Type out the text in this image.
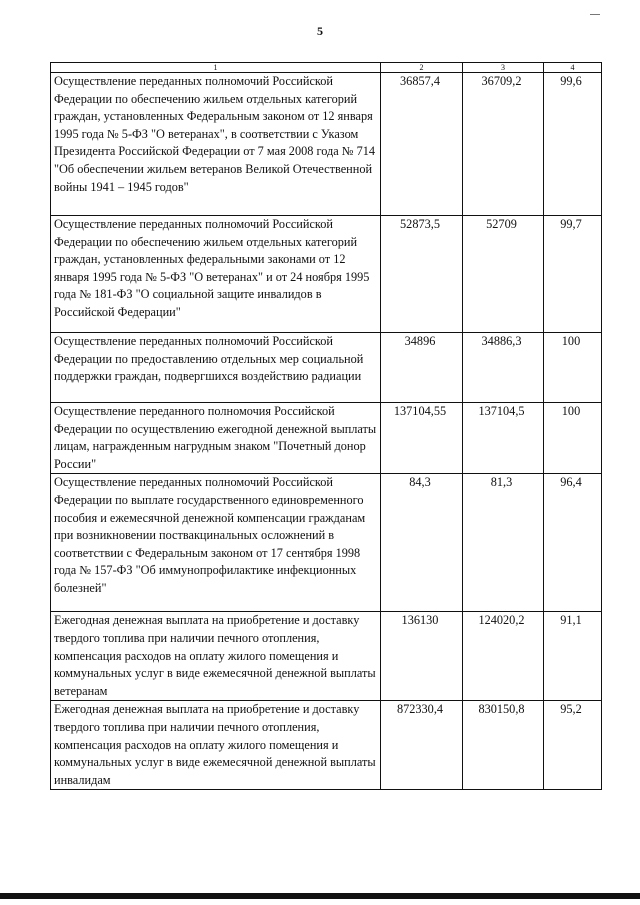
5
1	2	3	4
Осуществление переданных полномочий Российской Федерации по обеспечению жильем отдельных категорий граждан, установленных Федеральным законом от 12 января 1995 года № 5-ФЗ "О ветеранах", в соответствии с Указом Президента Российской Федерации от 7 мая 2008 года № 714 "Об обеспечении жильем ветеранов Великой Отечественной войны 1941 – 1945 годов"	36857,4	36709,2	99,6
Осуществление переданных полномочий Российской Федерации по обеспечению жильем отдельных категорий граждан, установленных федеральными законами от 12 января 1995 года № 5-ФЗ "О ветеранах" и от 24 ноября 1995 года № 181-ФЗ "О социальной защите инвалидов в Российской Федерации"	52873,5	52709	99,7
Осуществление переданных полномочий Российской Федерации по предоставлению отдельных мер социальной поддержки граждан, подвергшихся воздействию радиации	34896	34886,3	100
Осуществление переданного полномочия Российской Федерации по осуществлению ежегодной денежной выплаты лицам, награжденным нагрудным знаком "Почетный донор России"	137104,55	137104,5	100
Осуществление переданных полномочий Российской Федерации по выплате государственного единовременного пособия и ежемесячной денежной компенсации гражданам при возникновении поствакцинальных осложнений в соответствии с Федеральным законом от 17 сентября 1998 года № 157-ФЗ "Об иммунопрофилактике инфекционных болезней"	84,3	81,3	96,4
Ежегодная денежная выплата на приобретение и доставку твердого топлива при наличии печного отопления, компенсация расходов на оплату жилого помещения и коммунальных услуг в виде ежемесячной денежной выплаты ветеранам	136130	124020,2	91,1
Ежегодная денежная выплата на приобретение и доставку твердого топлива при наличии печного отопления, компенсация расходов на оплату жилого помещения и коммунальных услуг в виде ежемесячной денежной выплаты инвалидам	872330,4	830150,8	95,2
